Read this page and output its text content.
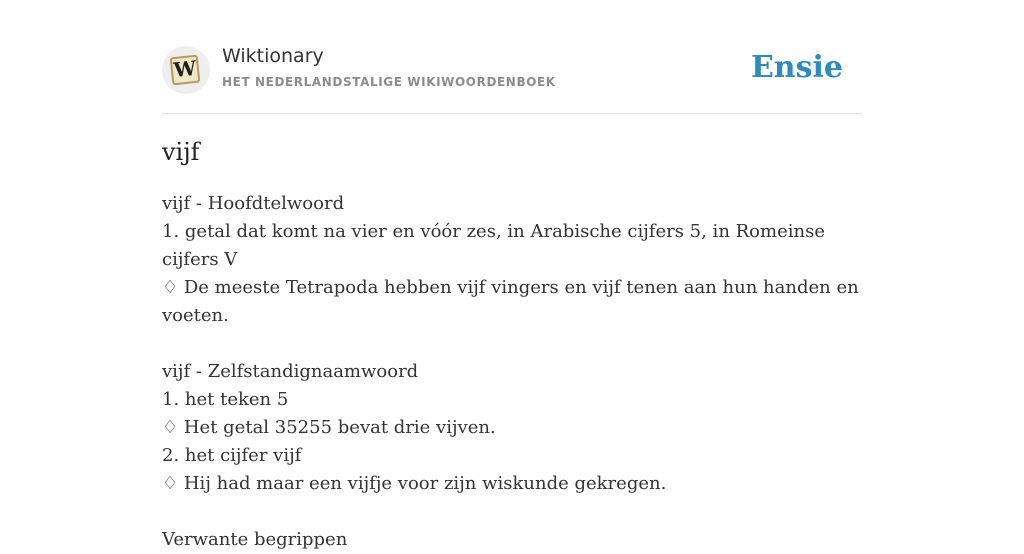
W Wiktionary
HET NEDERLANDSTALIGE WIKIWOORDENBOEK	Ensie
vijf

vijf - Hoofdtelwoord

1. getal dat komt na vier en vóór zes, in Arabische cijfers 5, in Romeinse cijfers V

♢ De meeste Tetrapoda hebben vijf vingers en vijf tenen aan hun handen en voeten.

vijf - Zelfstandignaamwoord

1. het teken 5

♢ Het getal 35255 bevat drie vijven.

2. het cijfer vijf

♢ Hij had maar een vijfje voor zijn wiskunde gekregen.

Verwante begrippen
